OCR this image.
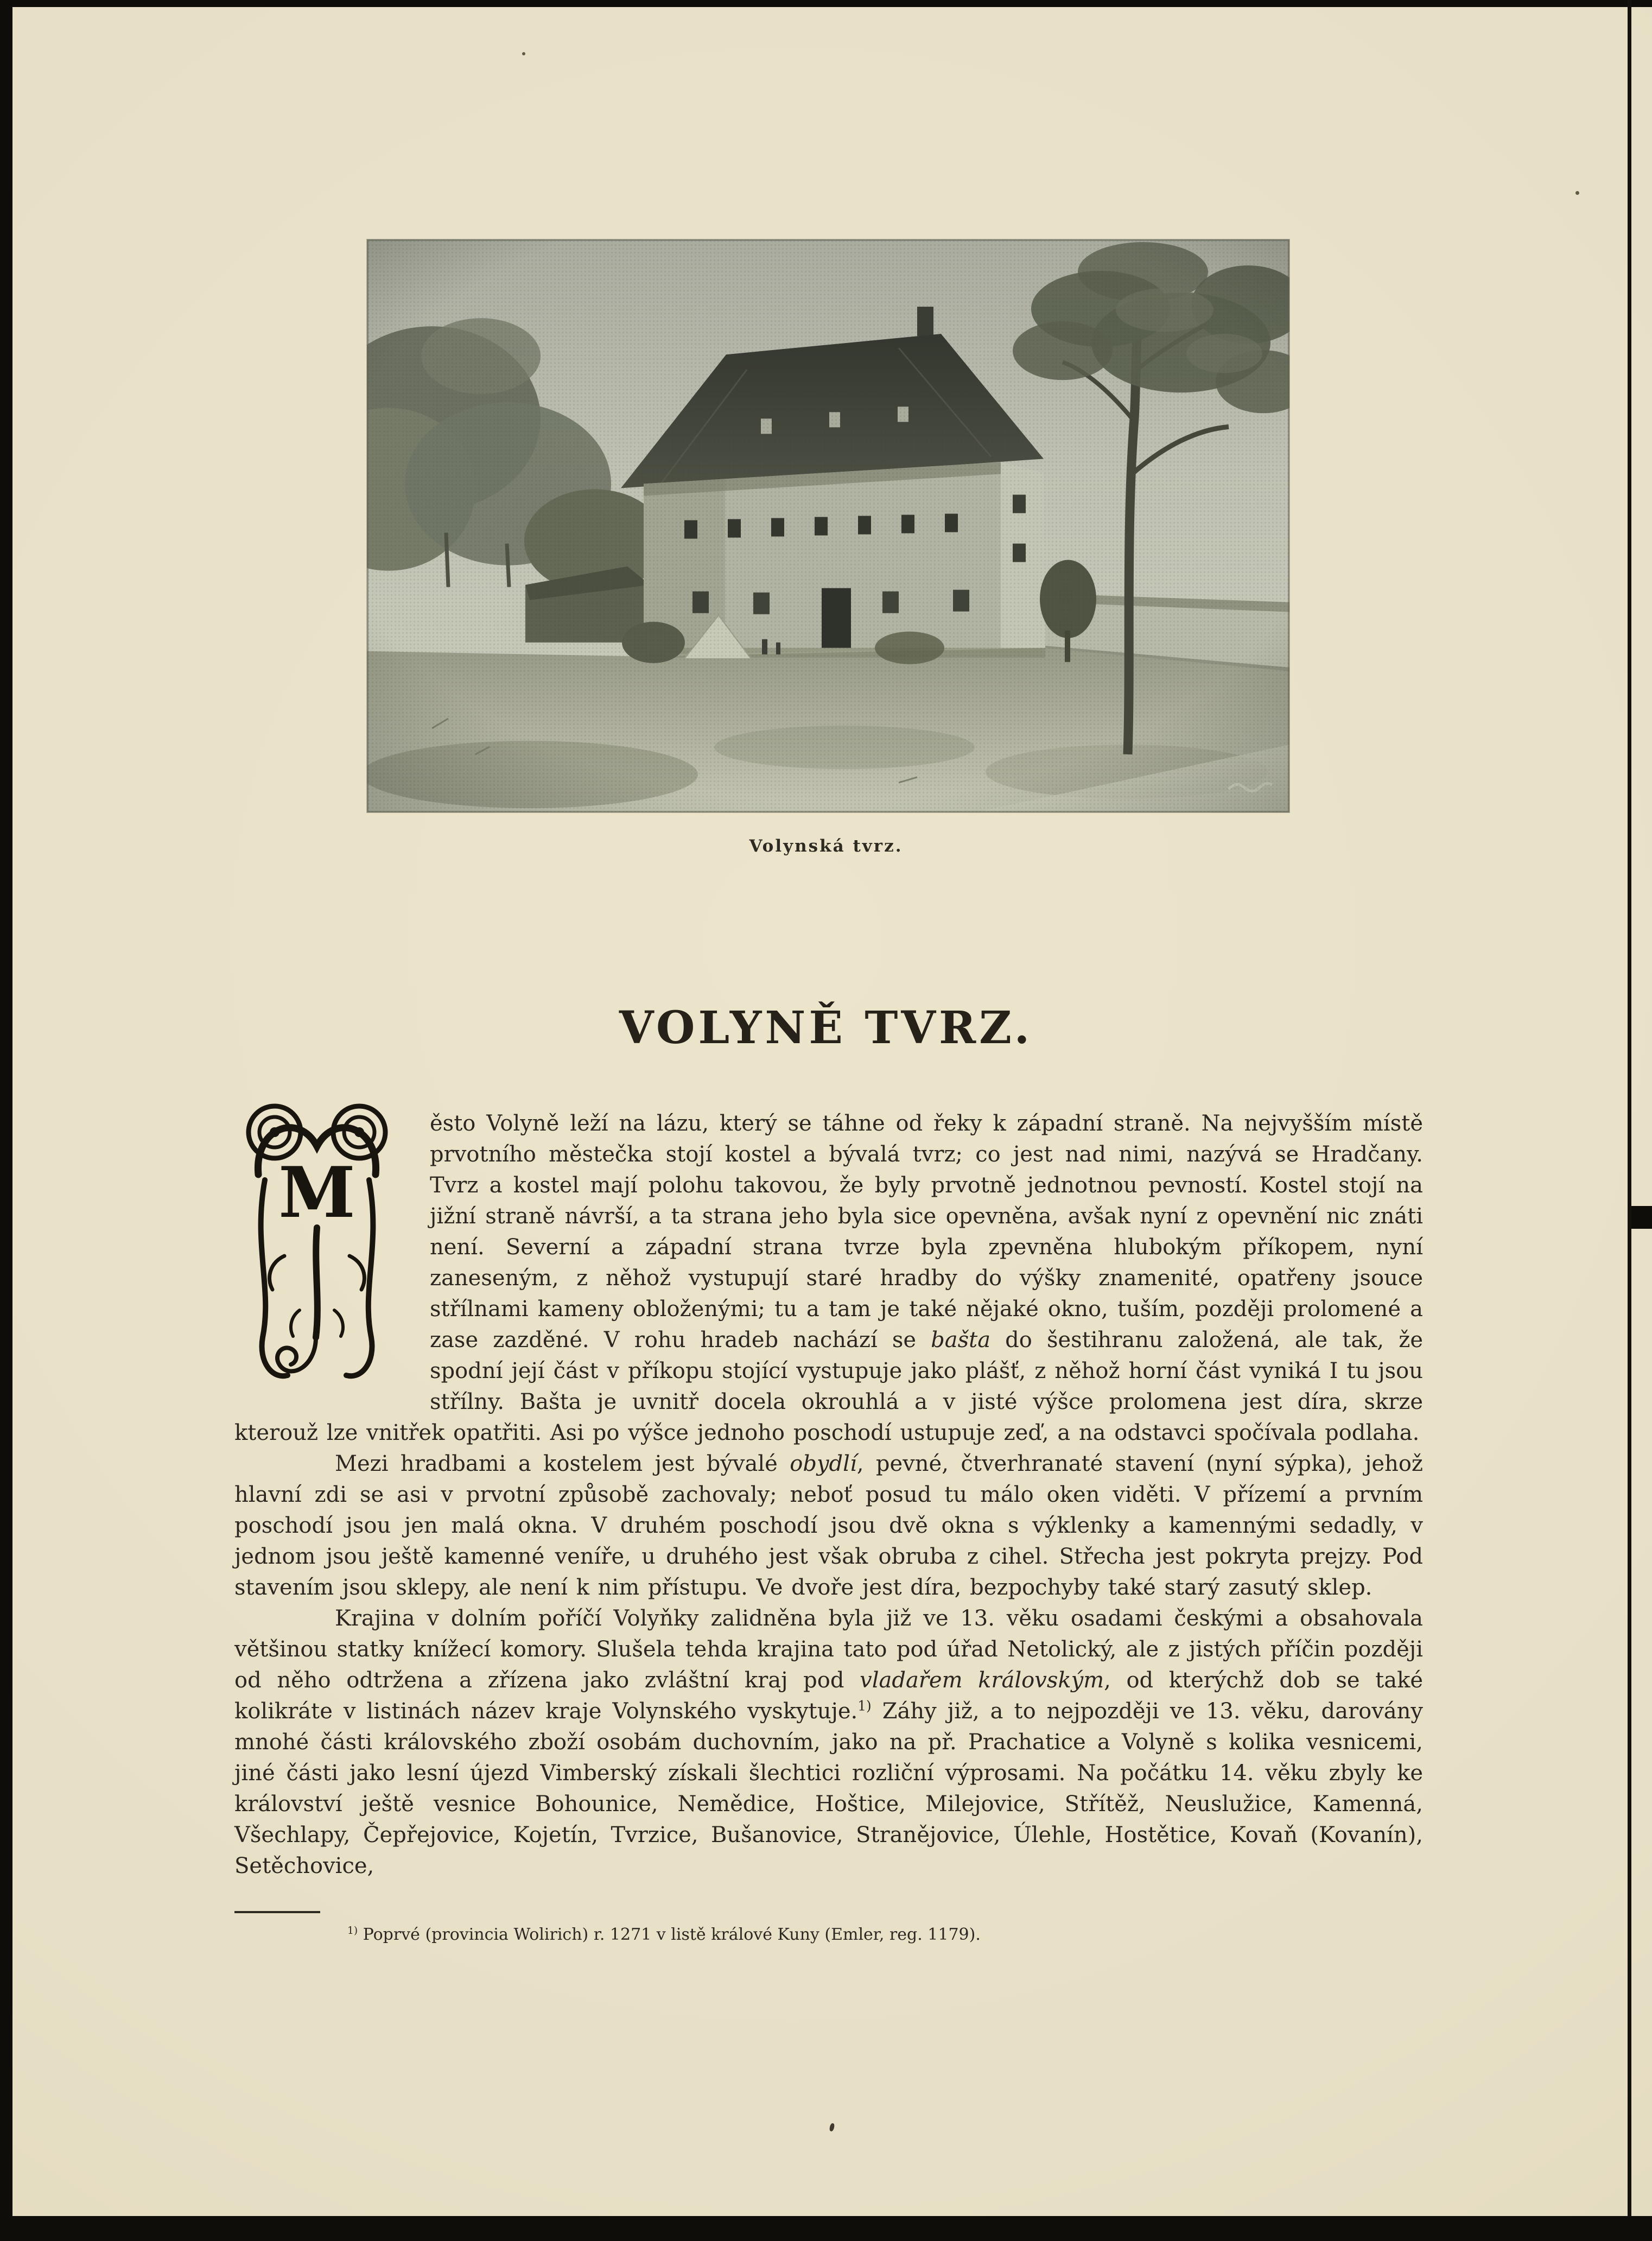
Volynská tvrz.
VOLYNĚ TVRZ.

M
ěsto Volyně leží na lázu, který se táhne od řeky k západní straně. Na nejvyšším místě prvotního městečka stojí kostel a bývalá tvrz; co jest nad nimi, nazývá se Hradčany. Tvrz a kostel mají polohu takovou, že byly prvotně jednotnou pevností. Kostel stojí na jižní straně návrší, a ta strana jeho byla sice opevněna, avšak nyní z opevnění nic znáti není. Severní a západní strana tvrze byla zpevněna hlubokým příkopem, nyní zaneseným, z něhož vystupují staré hradby do výšky znamenité, opatřeny jsouce střílnami kameny obloženými; tu a tam je také nějaké okno, tuším, později prolomené a zase zazděné. V rohu hradeb nachází se bašta do šestihranu založená, ale tak, že spodní její část v příkopu stojící vystupuje jako plášť, z něhož horní část vyniká I tu jsou střílny. Bašta je uvnitř docela okrouhlá a v jisté výšce prolomena jest díra, skrze kterouž lze vnitřek opatřiti. Asi po výšce jednoho poschodí ustupuje zeď, a na odstavci spočívala podlaha.

Mezi hradbami a kostelem jest bývalé obydlí, pevné, čtverhranaté stavení (nyní sýpka), jehož hlavní zdi se asi v prvotní způsobě zachovaly; neboť posud tu málo oken viděti. V přízemí a prvním poschodí jsou jen malá okna. V druhém poschodí jsou dvě okna s výklenky a kamennými sedadly, v jednom jsou ještě kamenné veníře, u druhého jest však obruba z cihel. Střecha jest pokryta prejzy. Pod stavením jsou sklepy, ale není k nim přístupu. Ve dvoře jest díra, bezpochyby také starý zasutý sklep.

Krajina v dolním poříčí Volyňky zalidněna byla již ve 13. věku osadami českými a obsahovala většinou statky knížecí komory. Slušela tehda krajina tato pod úřad Netolický, ale z jistých příčin později od něho odtržena a zřízena jako zvláštní kraj pod vladařem královským, od kterýchž dob se také kolikráte v listinách název kraje Volynského vyskytuje.$^{1)}$ Záhy již, a to nejpozději ve 13. věku, darovány mnohé části královského zboží osobám duchovním, jako na př. Prachatice a Volyně s kolika vesnicemi, jiné části jako lesní újezd Vimberský získali šlechtici rozliční výprosami. Na počátku 14. věku zbyly ke království ještě vesnice Bohounice, Nemědice, Hoštice, Milejovice, Střítěž, Neuslužice, Kamenná, Všechlapy, Čepřejovice, Kojetín, Tvrzice, Bušanovice, Stranějovice, Úlehle, Hostětice, Kovaň (Kovanín), Setěchovice,

$^{1)}$ Poprvé (provincia Wolirich) r. 1271 v listě králové Kuny (Emler, reg. 1179).
